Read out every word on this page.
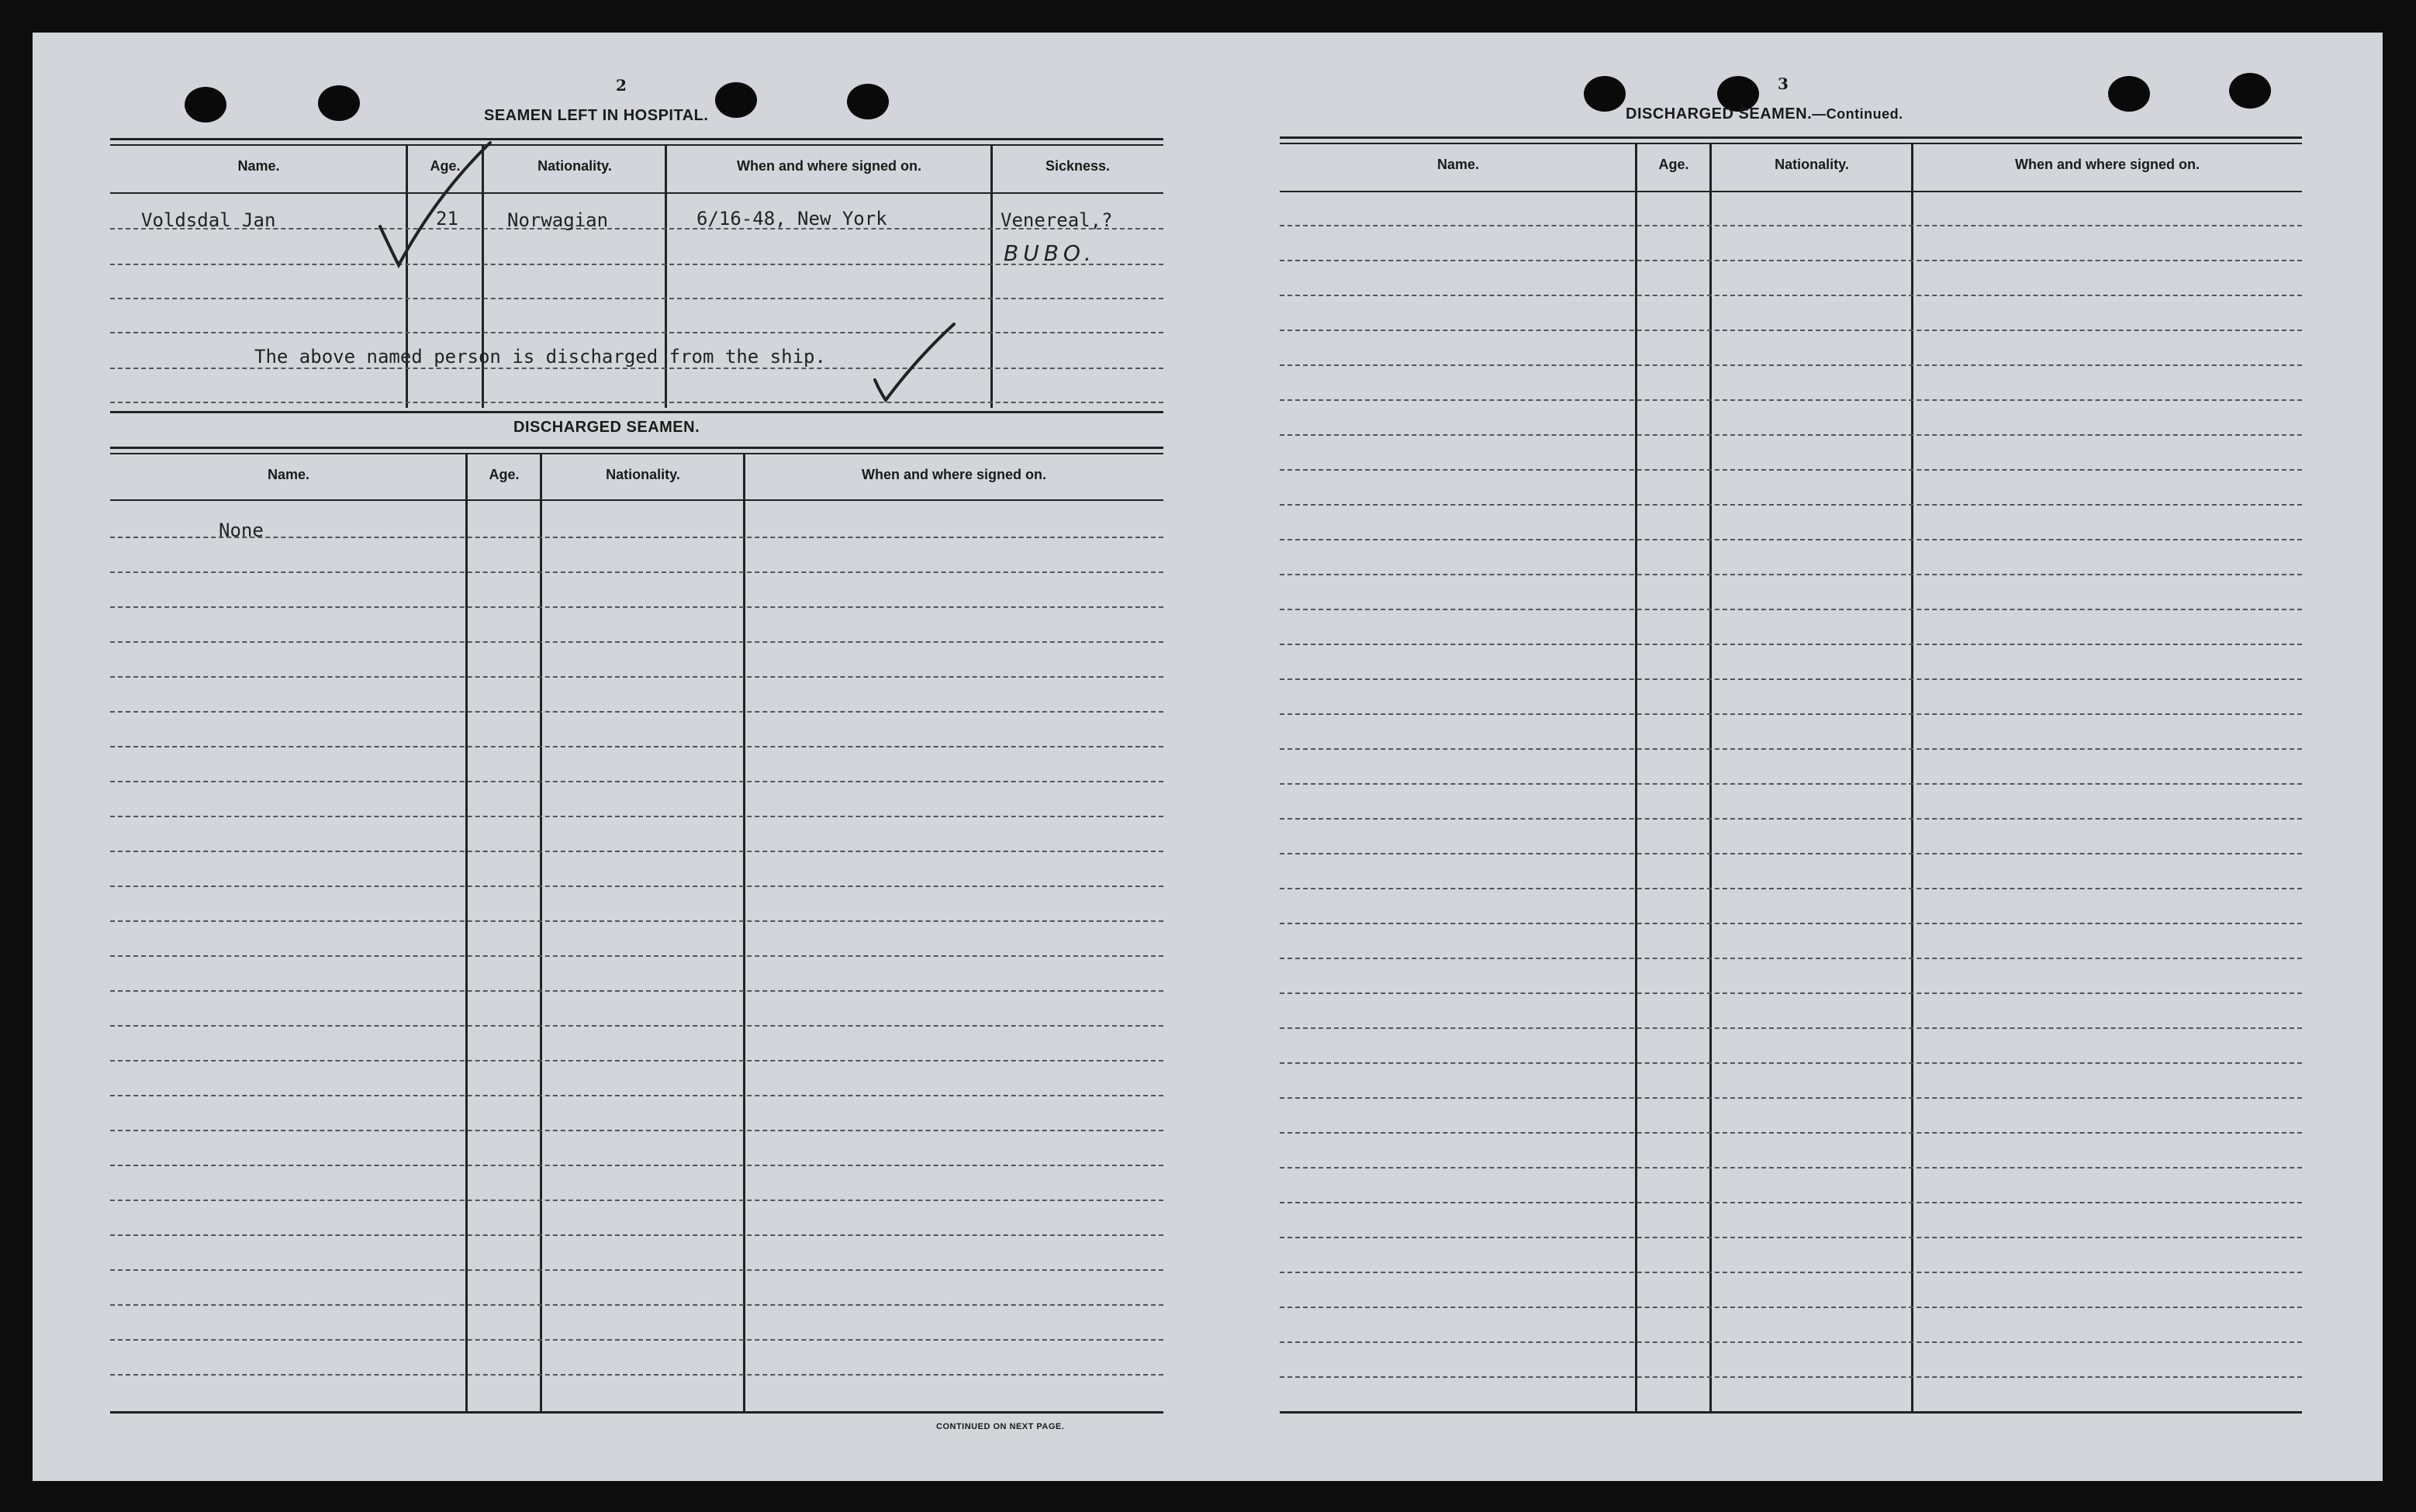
2
SEAMEN LEFT IN HOSPITAL.
Name.	Age.	Nationality.	When and where signed on.	Sickness.
Voldsdal Jan	21	Norwagian	6/16-48, New York	Venereal,?
BUBO.
The above named person is discharged from the ship.
DISCHARGED SEAMEN.
Name.	Age.	Nationality.	When and where signed on.
None
CONTINUED ON NEXT PAGE.
3
DISCHARGED SEAMEN.—Continued.
Name.	Age.	Nationality.	When and where signed on.
